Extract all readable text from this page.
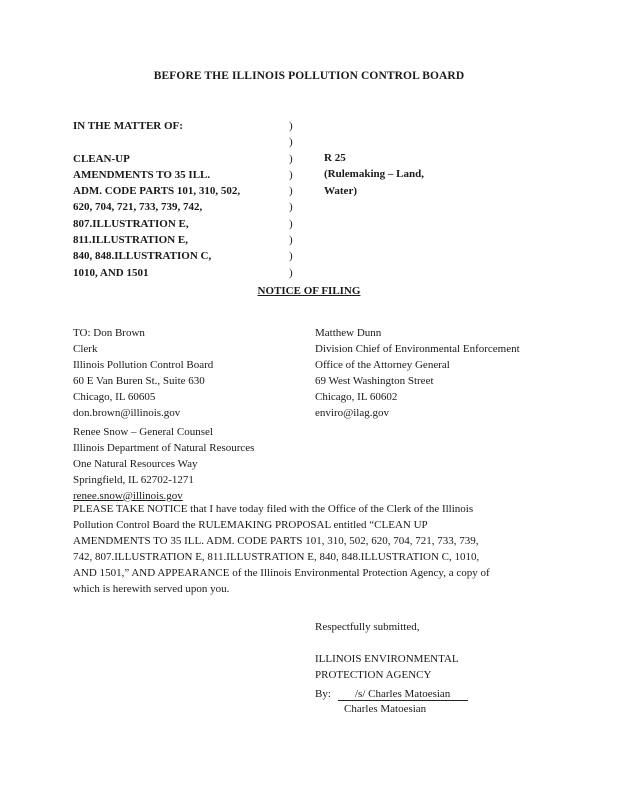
BEFORE THE ILLINOIS POLLUTION CONTROL BOARD

IN THE MATTER OF:

CLEAN-UP
AMENDMENTS TO 35 ILL.
ADM. CODE PARTS 101, 310, 502,
620, 704, 721, 733, 739, 742,
807.ILLUSTRATION E,
811.ILLUSTRATION E,
840, 848.ILLUSTRATION C,
1010, AND 1501
)
)
)
)
)
)
)
)
)
)
R 25
(Rulemaking – Land,
Water)

NOTICE OF FILING

TO: Don Brown
Clerk
Illinois Pollution Control Board
60 E Van Buren St., Suite 630
Chicago, IL 60605
don.brown@illinois.gov
Matthew Dunn
Division Chief of Environmental Enforcement
Office of the Attorney General
69 West Washington Street
Chicago, IL 60602
enviro@ilag.gov
Renee Snow – General Counsel
Illinois Department of Natural Resources
One Natural Resources Way
Springfield, IL 62702-1271
renee.snow@illinois.gov
PLEASE TAKE NOTICE that I have today filed with the Office of the Clerk of the Illinois
Pollution Control Board the RULEMAKING PROPOSAL entitled “CLEAN UP
AMENDMENTS TO 35 ILL. ADM. CODE PARTS 101, 310, 502, 620, 704, 721, 733, 739,
742, 807.ILLUSTRATION E, 811.ILLUSTRATION E, 840, 848.ILLUSTRATION C, 1010,
AND 1501,” AND APPEARANCE of the Illinois Environmental Protection Agency, a copy of
which is herewith served upon you.
Respectfully submitted,

ILLINOIS ENVIRONMENTAL
PROTECTION AGENCY
By: /s/ Charles Matoesian

Charles Matoesian
